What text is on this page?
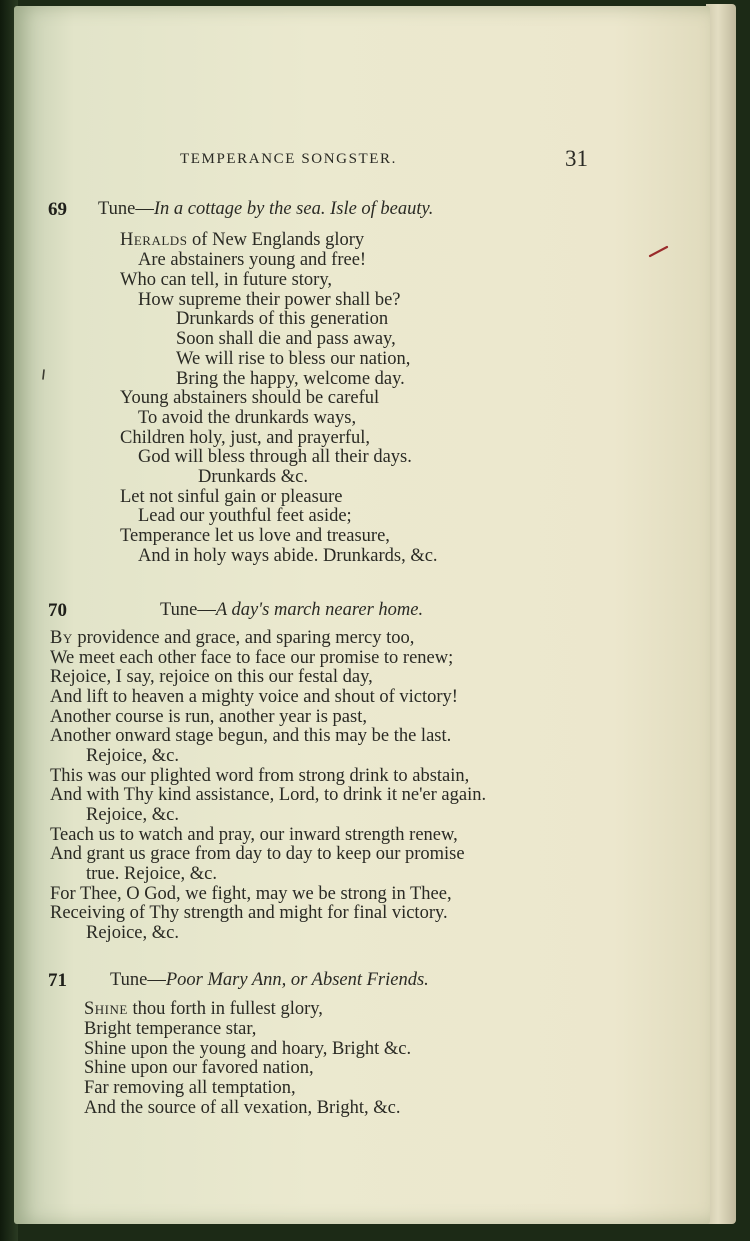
TEMPERANCE SONGSTER.	31
69 Tune—In a cottage by the sea. Isle of beauty.
Heralds of New Englands glory
Are abstainers young and free!
Who can tell, in future story,
How supreme their power shall be?
Drunkards of this generation
Soon shall die and pass away,
We will rise to bless our nation,
Bring the happy, welcome day.
Young abstainers should be careful
To avoid the drunkards ways,
Children holy, just, and prayerful,
God will bless through all their days.
Drunkards &c.
Let not sinful gain or pleasure
Lead our youthful feet aside;
Temperance let us love and treasure,
And in holy ways abide. Drunkards, &c.
70	Tune—A day's march nearer home.
By providence and grace, and sparing mercy too,
We meet each other face to face our promise to renew;
Rejoice, I say, rejoice on this our festal day,
And lift to heaven a mighty voice and shout of victory!
Another course is run, another year is past,
Another onward stage begun, and this may be the last.
Rejoice, &c.
This was our plighted word from strong drink to abstain,
And with Thy kind assistance, Lord, to drink it ne'er again.
Rejoice, &c.
Teach us to watch and pray, our inward strength renew,
And grant us grace from day to day to keep our promise
true. Rejoice, &c.
For Thee, O God, we fight, may we be strong in Thee,
Receiving of Thy strength and might for final victory.
Rejoice, &c.
71 Tune—Poor Mary Ann, or Absent Friends.
Shine thou forth in fullest glory,
Bright temperance star,
Shine upon the young and hoary, Bright &c.
Shine upon our favored nation,
Far removing all temptation,
And the source of all vexation, Bright, &c.
